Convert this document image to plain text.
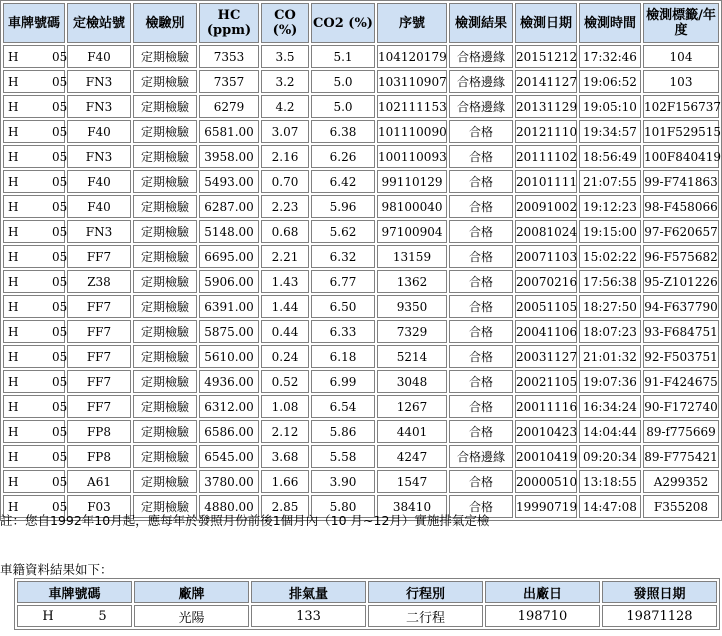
車牌號碼	定檢站號	檢驗別	HC (ppm)	CO (%)	CO2 (%)	序號	檢測結果	檢測日期	檢測時間	檢測標籤/年度
H 05	F40	定期檢驗	7353	3.5	5.1	104120179	合格邊緣	20151212	17:32:46	104
H 05	FN3	定期檢驗	7357	3.2	5.0	103110907	合格邊緣	20141127	19:06:52	103
H 05	FN3	定期檢驗	6279	4.2	5.0	102111153	合格邊緣	20131129	19:05:10	102F156737
H 05	F40	定期檢驗	6581.00	3.07	6.38	101110090	合格	20121110	19:34:57	101F529515
H 05	FN3	定期檢驗	3958.00	2.16	6.26	100110093	合格	20111102	18:56:49	100F840419
H 05	F40	定期檢驗	5493.00	0.70	6.42	99110129	合格	20101111	21:07:55	99-F741863
H 05	F40	定期檢驗	6287.00	2.23	5.96	98100040	合格	20091002	19:12:23	98-F458066
H 05	FN3	定期檢驗	5148.00	0.68	5.62	97100904	合格	20081024	19:15:00	97-F620657
H 05	FF7	定期檢驗	6695.00	2.21	6.32	13159	合格	20071103	15:02:22	96-F575682
H 05	Z38	定期檢驗	5906.00	1.43	6.77	1362	合格	20070216	17:56:38	95-Z101226
H 05	FF7	定期檢驗	6391.00	1.44	6.50	9350	合格	20051105	18:27:50	94-F637790
H 05	FF7	定期檢驗	5875.00	0.44	6.33	7329	合格	20041106	18:07:23	93-F684751
H 05	FF7	定期檢驗	5610.00	0.24	6.18	5214	合格	20031127	21:01:32	92-F503751
H 05	FF7	定期檢驗	4936.00	0.52	6.99	3048	合格	20021105	19:07:36	91-F424675
H 05	FF7	定期檢驗	6312.00	1.08	6.54	1267	合格	20011116	16:34:24	90-F172740
H 05	FP8	定期檢驗	6586.00	2.12	5.86	4401	合格	20010423	14:04:44	89-f775669
H 05	FP8	定期檢驗	6545.00	3.68	5.58	4247	合格邊緣	20010419	09:20:34	89-F775421
H 05	A61	定期檢驗	3780.00	1.66	3.90	1547	合格	20000510	13:18:55	A299352
H 05	F03	定期檢驗	4880.00	2.85	5.80	38410	合格	19990719	14:47:08	F355208
註：您自1992年10月起，應每年於發照月份前後1個月內（10 月~12月）實施排氣定檢
車籍資料結果如下：
車牌號碼	廠牌	排氣量	行程別	出廠日	發照日期
H 5	光陽	133	二行程	198710	19871128
